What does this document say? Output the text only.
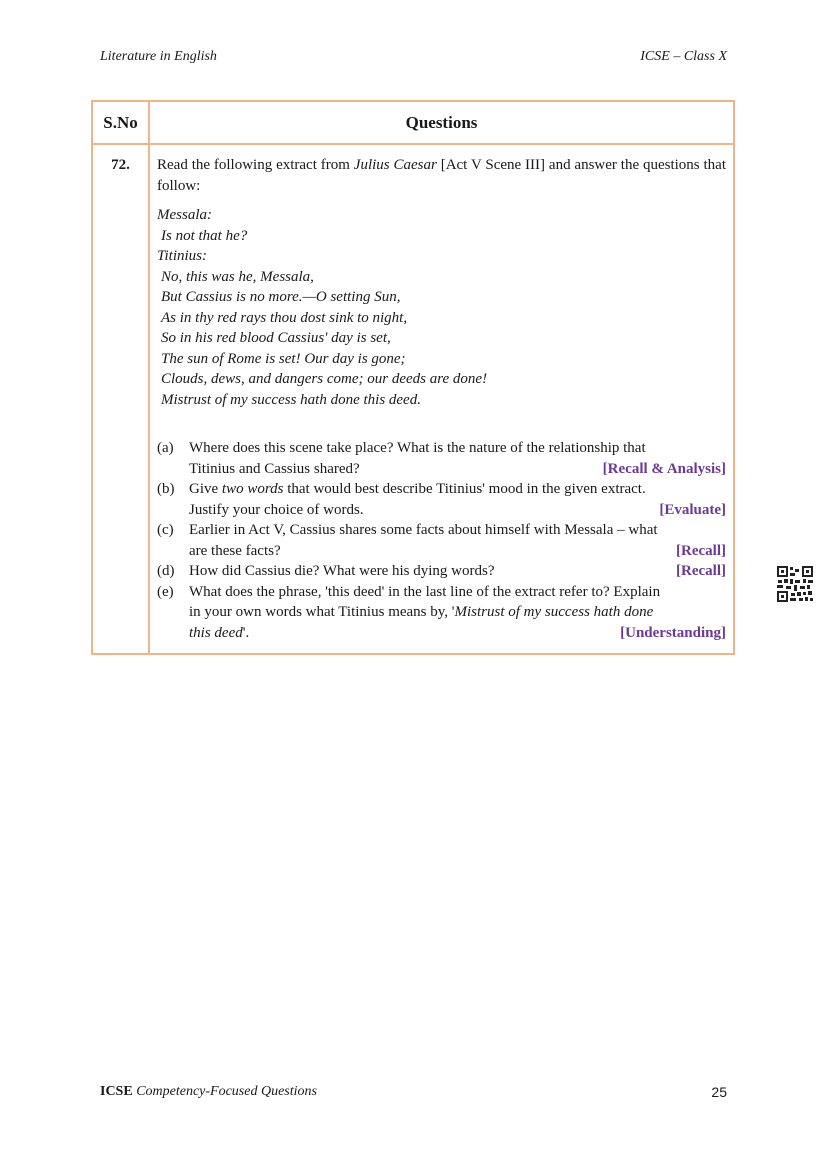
Literature in English	ICSE – Class X
S.No	Questions
72.	Read the following extract from Julius Caesar [Act V Scene III] and answer the questions that follow:
Messala:
Is not that he?
Titinius:
No, this was he, Messala,
But Cassius is no more.—O setting Sun,
As in thy red rays thou dost sink to night,
So in his red blood Cassius' day is set,
The sun of Rome is set! Our day is gone;
Clouds, dews, and dangers come; our deeds are done!
Mistrust of my success hath done this deed.
(a)	Where does this scene take place? What is the nature of the relationship that
Titinius and Cassius shared?	[Recall & Analysis]
(b) Give two words that would best describe Titinius' mood in the given extract.
Justify your choice of words.	[Evaluate]
(c)	Earlier in Act V, Cassius shares some facts about himself with Messala – what
are these facts?	[Recall]
(d) How did Cassius die? What were his dying words?	[Recall]
(e)	What does the phrase, 'this deed' in the last line of the extract refer to? Explain
in your own words what Titinius means by, 'Mistrust of my success hath done
this deed'.	[Understanding]
ICSE Competency-Focused Questions	25
